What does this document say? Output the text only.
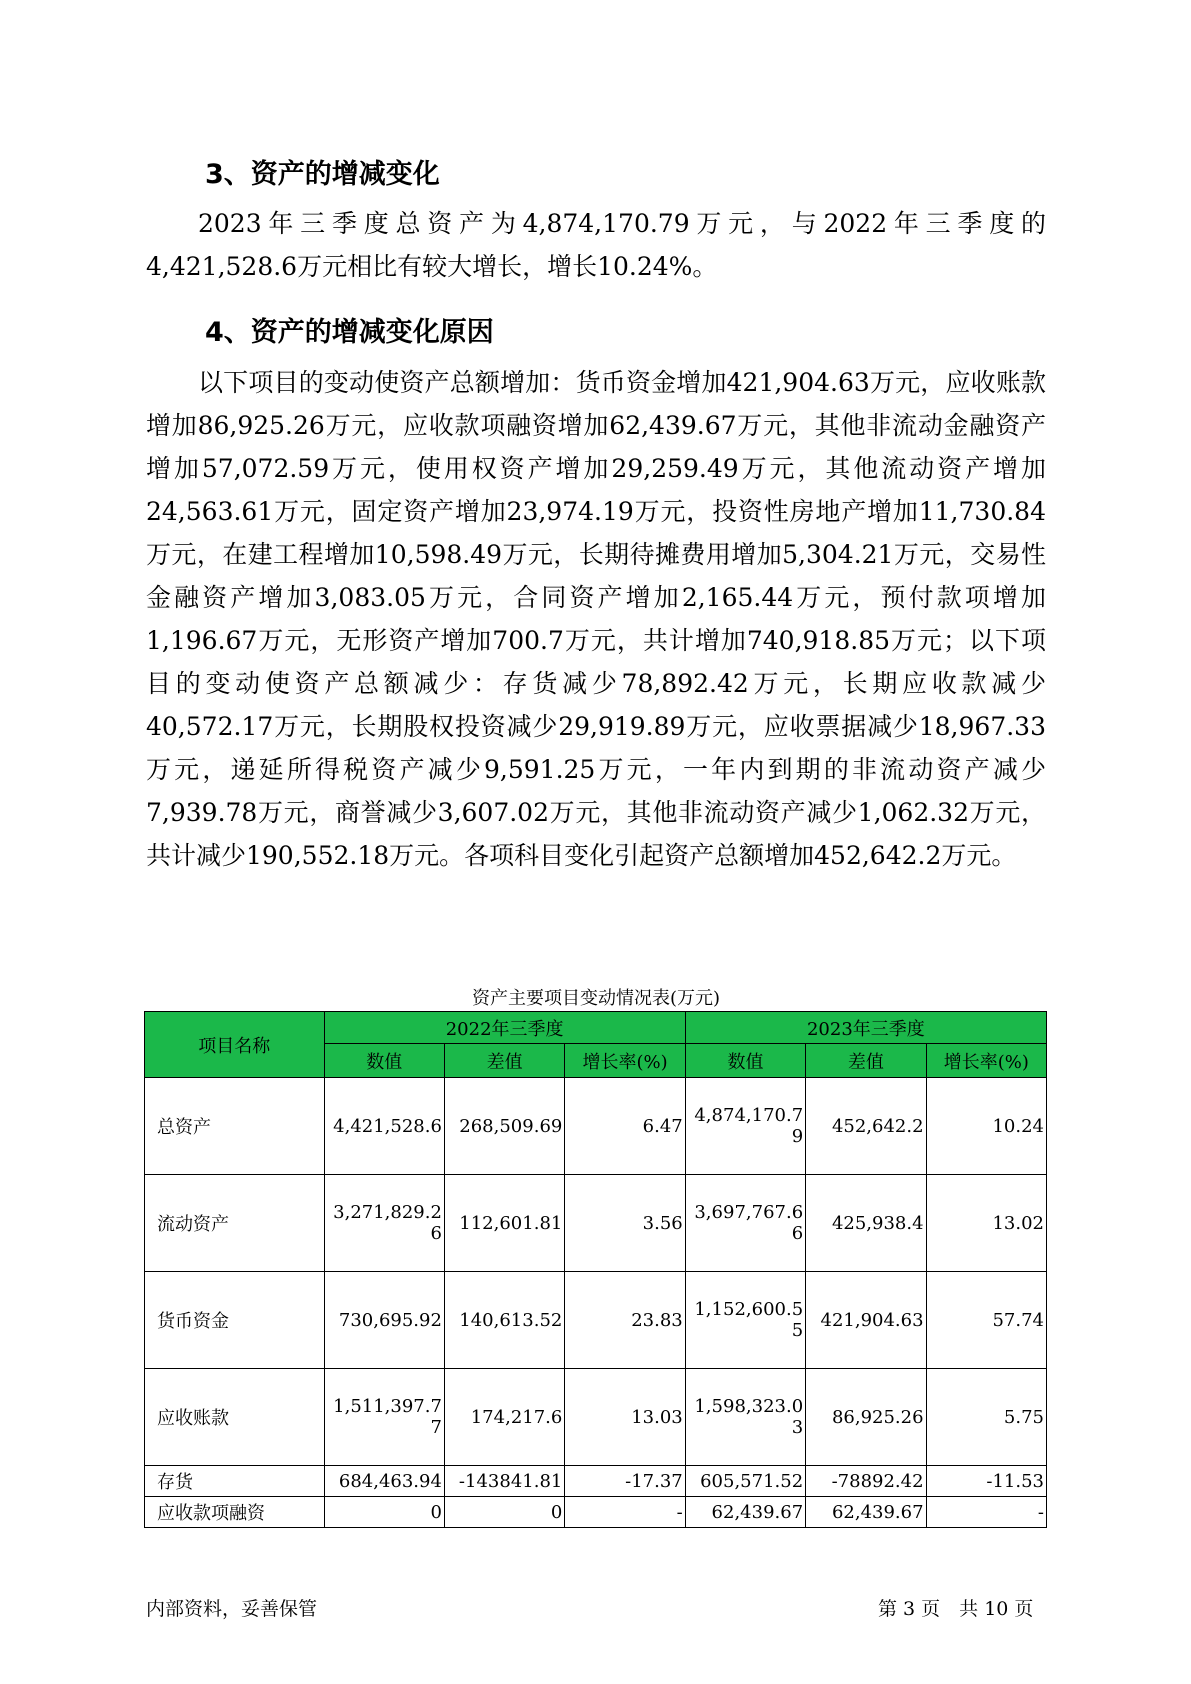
3、资产的增减变化

2023年三季度总资产为4,874,170.79万元，与2022年三季度的4,421,528.6万元相比有较大增长，增长10.24%。

4、资产的增减变化原因

以下项目的变动使资产总额增加：货币资金增加421,904.63万元，应收账款增加86,925.26万元，应收款项融资增加62,439.67万元，其他非流动金融资产增加57,072.59万元，使用权资产增加29,259.49万元，其他流动资产增加24,563.61万元，固定资产增加23,974.19万元，投资性房地产增加11,730.84万元，在建工程增加10,598.49万元，长期待摊费用增加5,304.21万元，交易性金融资产增加3,083.05万元，合同资产增加2,165.44万元，预付款项增加1,196.67万元，无形资产增加700.7万元，共计增加740,918.85万元；以下项目的变动使资产总额减少：存货减少78,892.42万元，长期应收款减少40,572.17万元，长期股权投资减少29,919.89万元，应收票据减少18,967.33万元，递延所得税资产减少9,591.25万元，一年内到期的非流动资产减少7,939.78万元，商誉减少3,607.02万元，其他非流动资产减少1,062.32万元，共计减少190,552.18万元。各项科目变化引起资产总额增加452,642.2万元。

资产主要项目变动情况表(万元)

项目名称	2022年三季度			2023年三季度		
	数值	差值	增长率(%)	数值	差值	增长率(%)
总资产	4,421,528.6	268,509.69	6.47	4,874,170.79	452,642.2	10.24
流动资产	3,271,829.26	112,601.81	3.56	3,697,767.66	425,938.4	13.02
货币资金	730,695.92	140,613.52	23.83	1,152,600.55	421,904.63	57.74
应收账款	1,511,397.77	174,217.6	13.03	1,598,323.03	86,925.26	5.75
存货	684,463.94	-143841.81	-17.37	605,571.52	-78892.42	-11.53
应收款项融资	0	0	-	62,439.67	62,439.67	-
内部资料，妥善保管	第 3 页　共 10 页
